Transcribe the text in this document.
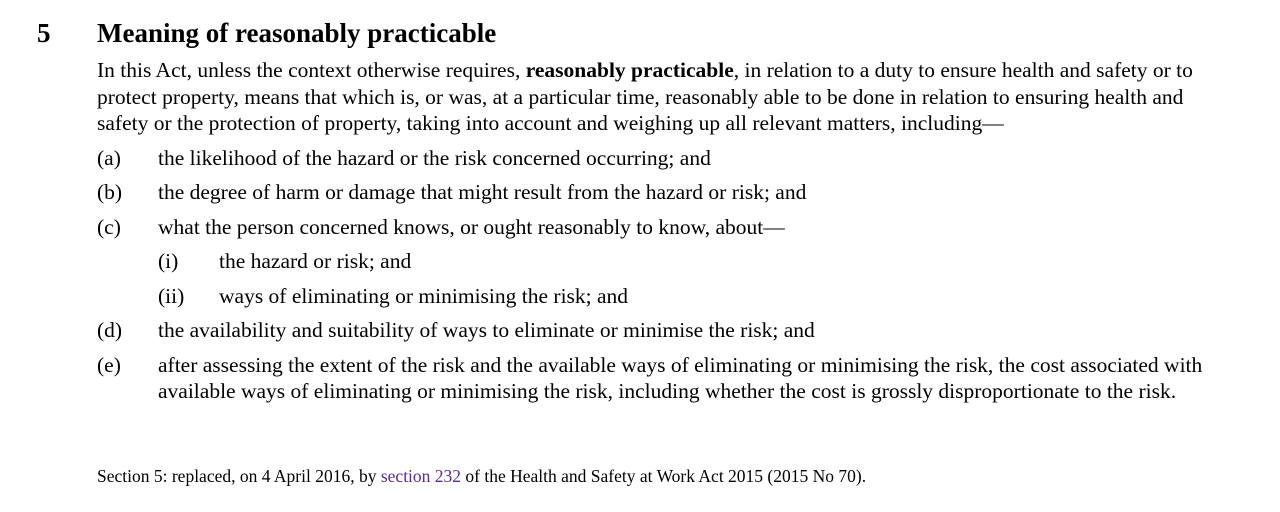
5 Meaning of reasonably practicable

In this Act, unless the context otherwise requires, reasonably practicable, in relation to a duty to ensure health and safety or to protect property, means that which is, or was, at a particular time, reasonably able to be done in relation to ensuring health and safety or the protection of property, taking into account and weighing up all relevant matters, including—

(a) the likelihood of the hazard or the risk concerned occurring; and
(b) the degree of harm or damage that might result from the hazard or risk; and
(c) what the person concerned knows, or ought reasonably to know, about—
(i) the hazard or risk; and
(ii) ways of eliminating or minimising the risk; and
(d) the availability and suitability of ways to eliminate or minimise the risk; and
(e) after assessing the extent of the risk and the available ways of eliminating or minimising the risk, the cost associated with available ways of eliminating or minimising the risk, including whether the cost is grossly disproportionate to the risk.
Section 5: replaced, on 4 April 2016, by section 232 of the Health and Safety at Work Act 2015 (2015 No 70).
